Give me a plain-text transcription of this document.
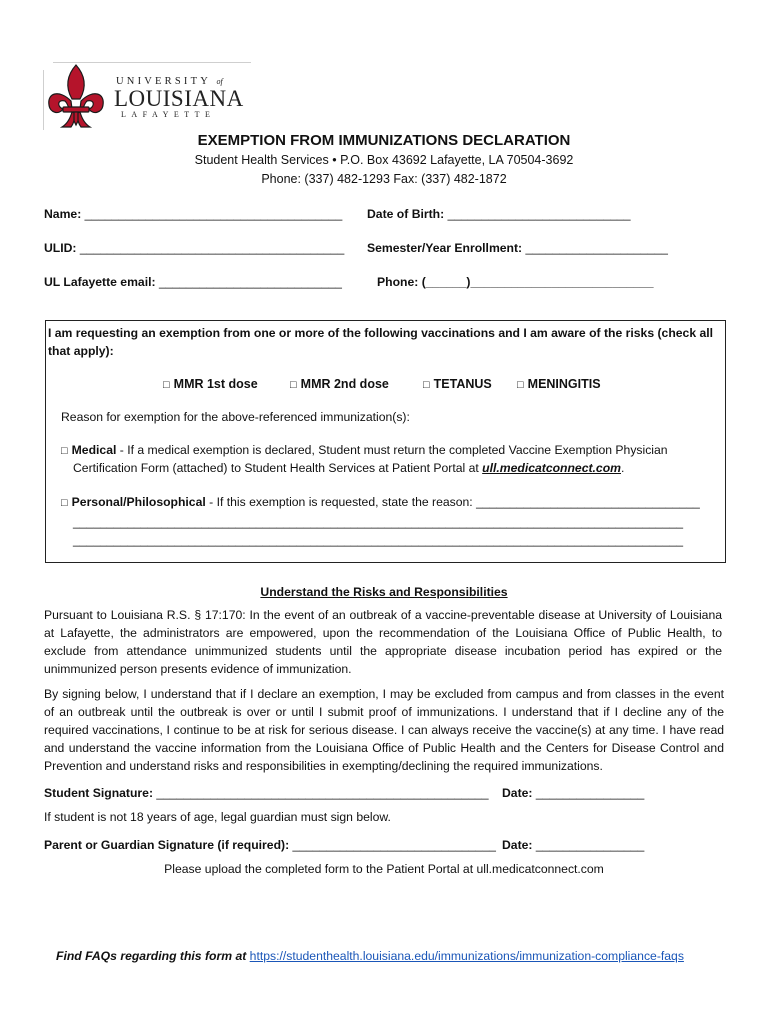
UNIVERSITY of
LOUISIANA
LAFAYETTE
EXEMPTION FROM IMMUNIZATIONS DECLARATION
Student Health Services • P.O. Box 43692 Lafayette, LA 70504-3692
Phone: (337) 482-1293 Fax: (337) 482-1872
Name: ______________________________________ Date of Birth: ___________________________
ULID: _______________________________________ Semester/Year Enrollment: _____________________
UL Lafayette email: ___________________________	Phone: (______)___________________________
I am requesting an exemption from one or more of the following vaccinations and I am aware of the risks (check all that apply):
□ MMR 1st dose	□ MMR 2nd dose	□ TETANUS □ MENINGITIS
Reason for exemption for the above-referenced immunization(s):
□ Medical - If a medical exemption is declared, Student must return the completed Vaccine Exemption Physician
Certification Form (attached) to Student Health Services at Patient Portal at ull.medicatconnect.com.
□ Personal/Philosophical - If this exemption is requested, state the reason: _________________________________
__________________________________________________________________________________________
__________________________________________________________________________________________
Understand the Risks and Responsibilities
Pursuant to Louisiana R.S. § 17:170: In the event of an outbreak of a vaccine-preventable disease at University of Louisiana at Lafayette, the administrators are empowered, upon the recommendation of the Louisiana Office of Public Health, to exclude from attendance unimmunized students until the appropriate disease incubation period has expired or the unimmunized person presents evidence of immunization.
By signing below, I understand that if I declare an exemption, I may be excluded from campus and from classes in the event of an outbreak until the outbreak is over or until I submit proof of immunizations. I understand that if I decline any of the required vaccinations, I continue to be at risk for serious disease. I can always receive the vaccine(s) at any time. I have read and understand the vaccine information from the Louisiana Office of Public Health and the Centers for Disease Control and Prevention and understand risks and responsibilities in exempting/declining the required immunizations.
Student Signature: _________________________________________________ Date: ________________
If student is not 18 years of age, legal guardian must sign below.
Parent or Guardian Signature (if required): ______________________________ Date: ________________
Please upload the completed form to the Patient Portal at ull.medicatconnect.com
Find FAQs regarding this form at https://studenthealth.louisiana.edu/immunizations/immunization-compliance-faqs
